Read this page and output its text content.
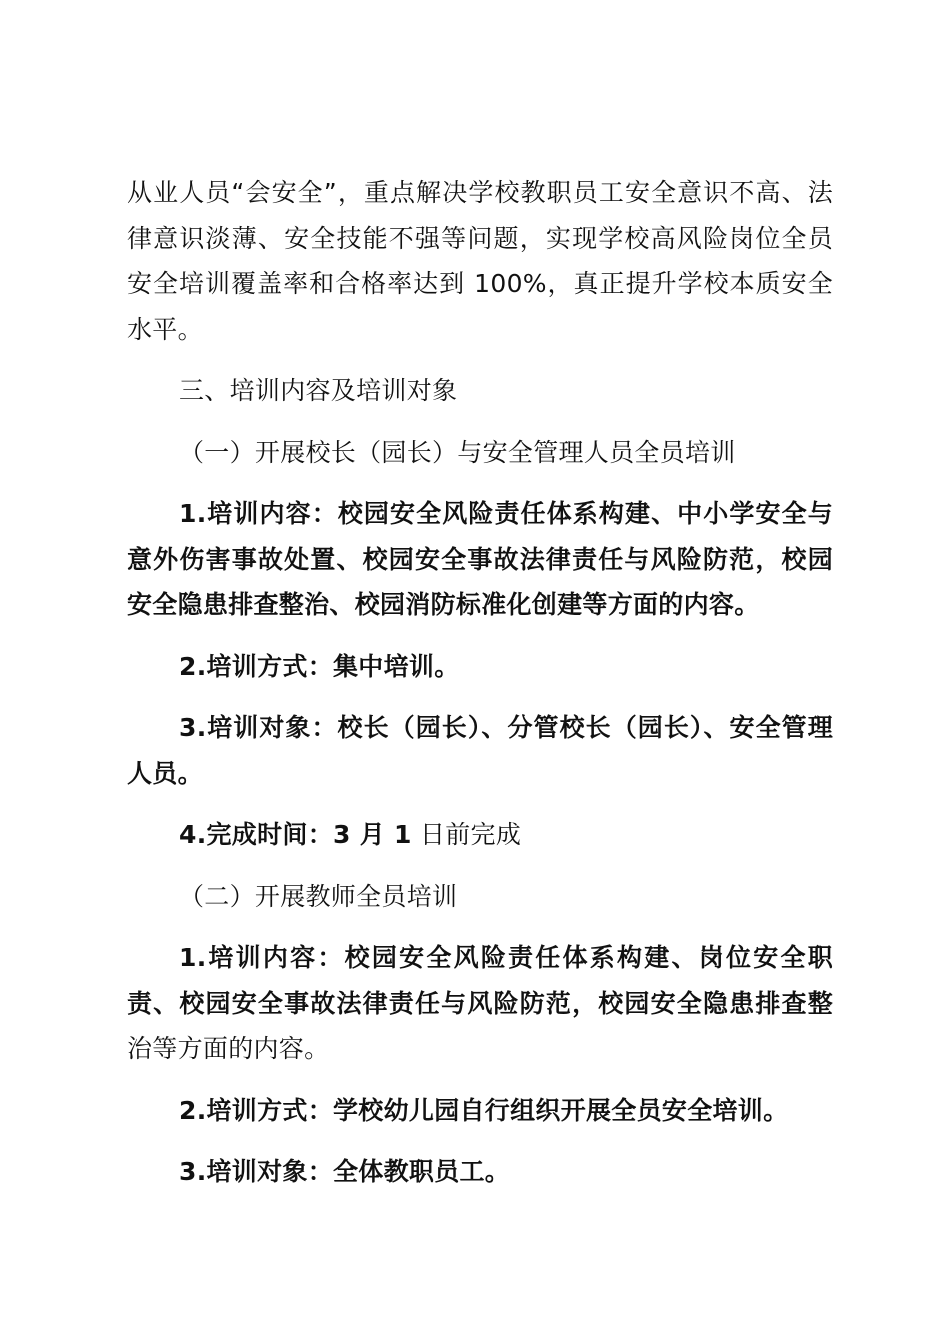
从业人员“会安全”，重点解决学校教职员工安全意识不高、法律意识淡薄、安全技能不强等问题，实现学校高风险岗位全员安全培训覆盖率和合格率达到 100%，真正提升学校本质安全水平。

三、培训内容及培训对象

（一）开展校长（园长）与安全管理人员全员培训

1.培训内容：校园安全风险责任体系构建、中小学安全与意外伤害事故处置、校园安全事故法律责任与风险防范，校园安全隐患排查整治、校园消防标准化创建等方面的内容。

2.培训方式：集中培训。

3.培训对象：校长（园长）、分管校长（园长）、安全管理人员。

4.完成时间：3 月 1 日前完成

（二）开展教师全员培训

1.培训内容：校园安全风险责任体系构建、岗位安全职责、校园安全事故法律责任与风险防范，校园安全隐患排查整治等方面的内容。

2.培训方式：学校幼儿园自行组织开展全员安全培训。

3.培训对象：全体教职员工。
